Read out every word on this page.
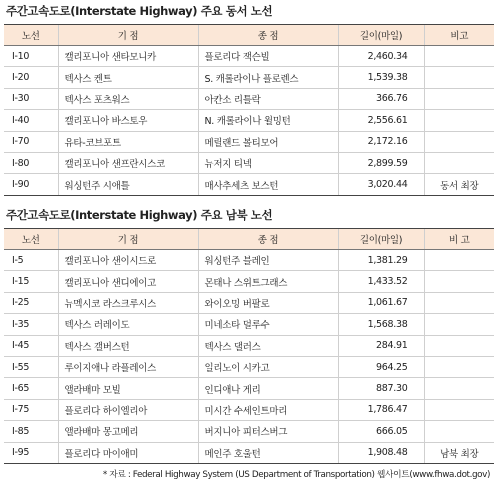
주간고속도로(Interstate Highway) 주요 동서 노선
노선	기 점	종 점	길이(마일)	비고
I-10	캘리포니아 샌타모니카	플로리다 잭슨빌	2,460.34	
I-20	텍사스 켄트	S. 캐롤라이나 플로렌스	1,539.38	
I-30	텍사스 포츠워스	아칸소 리틀락	366.76	
I-40	캘리포니아 바스토우	N. 캐롤라이나 윌밍턴	2,556.61	
I-70	유타-코브포트	메릴랜드 볼티모어	2,172.16	
I-80	캘리포니아 샌프란시스코	뉴저지 티넥	2,899.59	
I-90	워싱턴주 시애틀	매사추세츠 보스턴	3,020.44	동서 최장
주간고속도로(Interstate Highway) 주요 남북 노선
노선	기 점	종 점	길이(마일)	비 고
I-5	캘리포니아 샌이시드로	워싱턴주 블레인	1,381.29	
I-15	캘리포니아 샌디에이고	몬태나 스위트그래스	1,433.52	
I-25	뉴멕시코 라스크루시스	와이오밍 버팔로	1,061.67	
I-35	텍사스 러레이도	미네소타 덜루수	1,568.38	
I-45	텍사스 갤버스턴	텍사스 댈러스	284.91	
I-55	루이지애나 라플레이스	일리노이 시카고	964.25	
I-65	앨라배마 모빌	인디애나 게리	887.30	
I-75	플로리다 하이엘리아	미시간 수세인트마리	1,786.47	
I-85	앨라배마 몽고메리	버지니아 피터스버그	666.05	
I-95	플로리다 마이애미	메인주 호울턴	1,908.48	남북 최장
* 자료 : Federal Highway System (US Department of Transportation) 웹사이트(www.fhwa.dot.gov)
